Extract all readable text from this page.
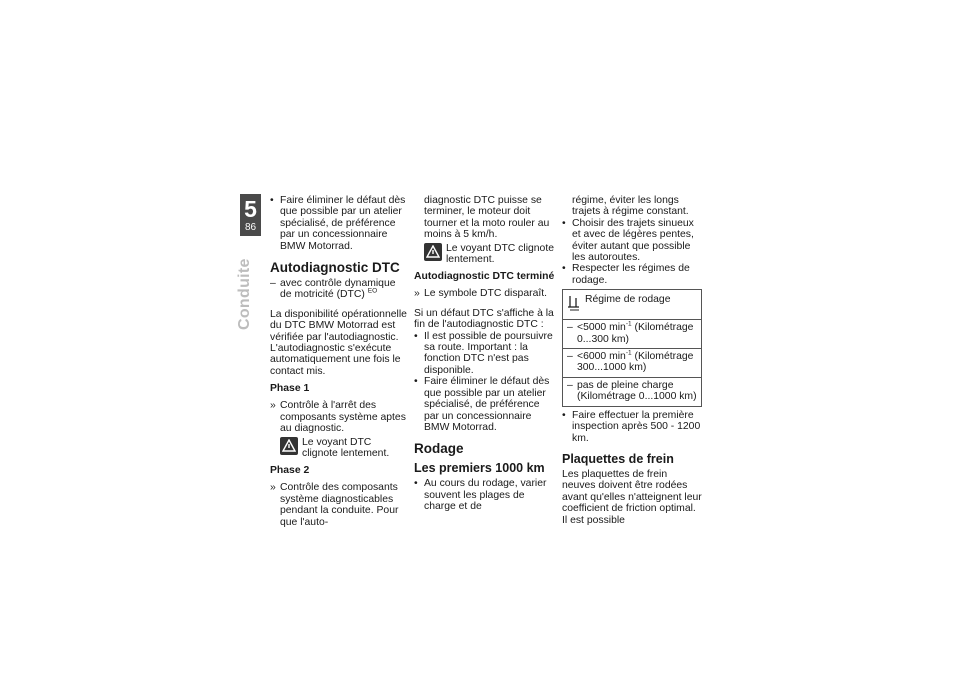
5
86
Conduite
• Faire éliminer le défaut dès que possible par un atelier spécialisé, de préférence par un concessionnaire BMW Motorrad.
Autodiagnostic DTC
– avec contrôle dynamique de motricité (DTC) $^{EO}$
La disponibilité opérationnelle du DTC BMW Motorrad est vérifiée par l'autodiagnostic. L'autodiagnostic s'exécute automatiquement une fois le contact mis.
Phase 1
» Contrôle à l'arrêt des composants système aptes au diagnostic.
Le voyant DTC clignote lentement.
Phase 2
» Contrôle des composants système diagnosticables pendant la conduite. Pour que l'auto-
diagnostic DTC puisse se terminer, le moteur doit tourner et la moto rouler au moins à 5 km/h.
Le voyant DTC clignote lentement.
Autodiagnostic DTC terminé
» Le symbole DTC disparaît.
Si un défaut DTC s'affiche à la fin de l'autodiagnostic DTC :
• Il est possible de poursuivre sa route. Important : la fonction DTC n'est pas disponible.
• Faire éliminer le défaut dès que possible par un atelier spécialisé, de préférence par un concessionnaire BMW Motorrad.
Rodage
Les premiers 1000 km
• Au cours du rodage, varier souvent les plages de charge et de
régime, éviter les longs trajets à régime constant.
• Choisir des trajets sinueux et avec de légères pentes, éviter autant que possible les autoroutes.
• Respecter les régimes de rodage.
Régime de rodage
– <5000 $\min^{-1}$ (Kilométrage 0...300 km)
– <6000 $\min^{-1}$ (Kilométrage 300...1000 km)
– pas de pleine charge (Kilométrage 0...1000 km)
• Faire effectuer la première inspection après 500 - 1200 km.
Plaquettes de frein
Les plaquettes de frein neuves doivent être rodées avant qu'elles n'atteignent leur coefficient de friction optimal. Il est possible
